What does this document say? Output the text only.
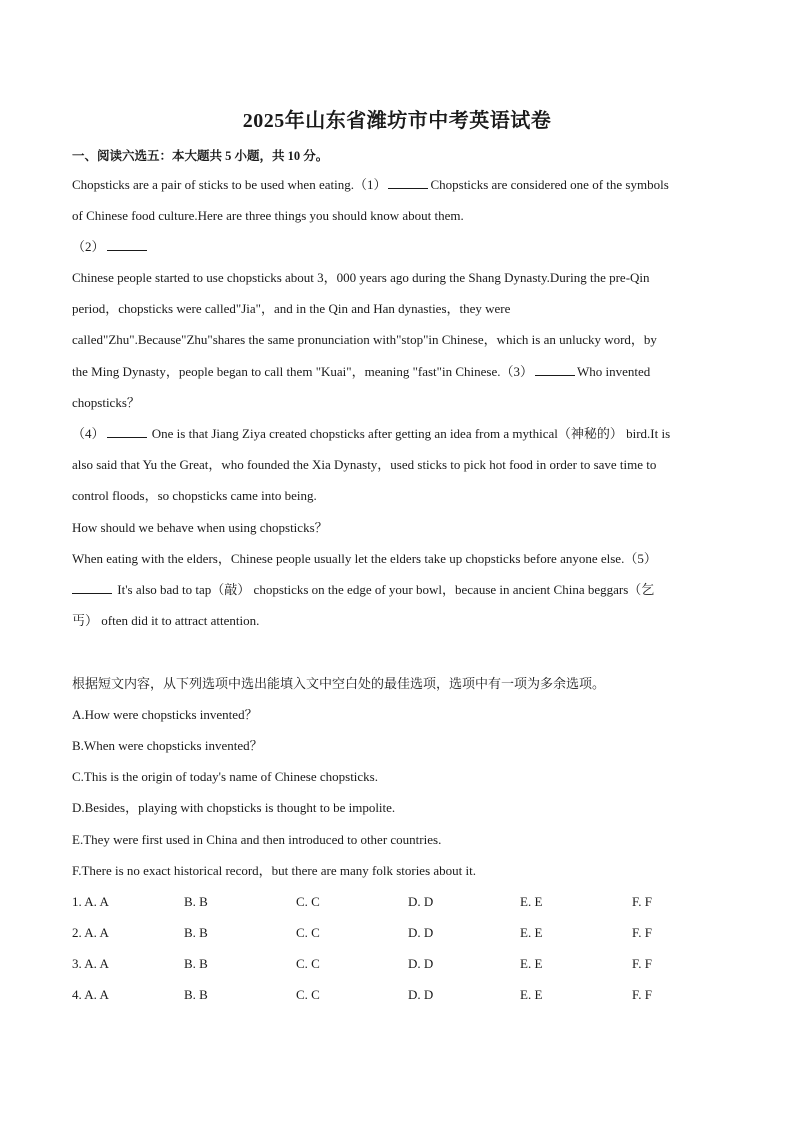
2025年山东省潍坊市中考英语试卷
一、阅读六选五：本大题共 5 小题，共 10 分。
Chopsticks are a pair of sticks to be used when eating.（1）	Chopsticks are considered one of the symbols
of Chinese food culture.Here are three things you should know about them.
（2）
Chinese people started to use chopsticks about 3，000 years ago during the Shang Dynasty.During the pre-Qin
period，chopsticks were called"Jia"，and in the Qin and Han dynasties，they were
called"Zhu".Because"Zhu"shares the same pronunciation with"stop"in Chinese，which is an unlucky word，by
the Ming Dynasty，people began to call them "Kuai"，meaning "fast"in Chinese.（3）	Who invented
chopsticks？
（4）	One is that Jiang Ziya created chopsticks after getting an idea from a mythical（神秘的） bird.It is
also said that Yu the Great，who founded the Xia Dynasty，used sticks to pick hot food in order to save time to
control floods，so chopsticks came into being.
How should we behave when using chopsticks？
When eating with the elders，Chinese people usually let the elders take up chopsticks before anyone else.（5）
It's also bad to tap（敲） chopsticks on the edge of your bowl，because in ancient China beggars（乞
丐） often did it to attract attention.
根据短文内容，从下列选项中选出能填入文中空白处的最佳选项，选项中有一项为多余选项。
A.How were chopsticks invented？
B.When were chopsticks invented？
C.This is the origin of today's name of Chinese chopsticks.
D.Besides，playing with chopsticks is thought to be impolite.
E.They were first used in China and then introduced to other countries.
F.There is no exact historical record，but there are many folk stories about it.
1. A. A	B. B	C. C	D. D	E. E	F. F
2. A. A	B. B	C. C	D. D	E. E	F. F
3. A. A	B. B	C. C	D. D	E. E	F. F
4. A. A	B. B	C. C	D. D	E. E	F. F
